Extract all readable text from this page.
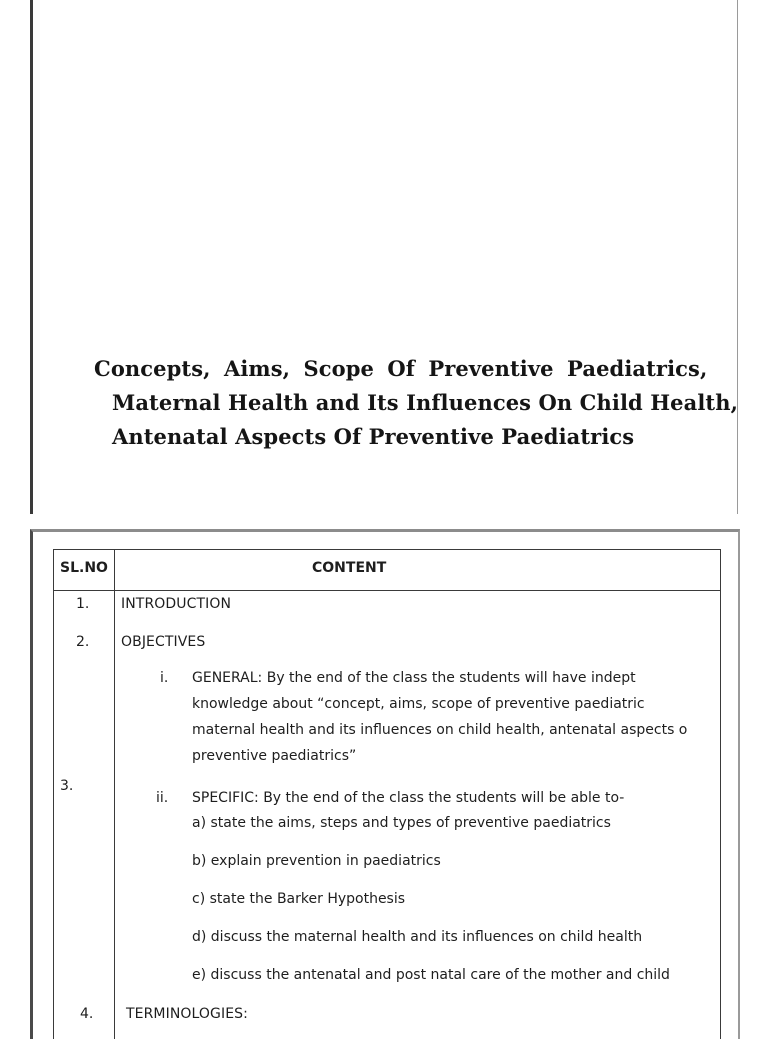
Concepts, Aims, Scope Of Preventive Paediatrics,
Maternal Health and Its Influences On Child Health,
Antenatal Aspects Of Preventive Paediatrics
SL.NO	CONTENT
1. INTRODUCTION
2. OBJECTIVES
i. GENERAL: By the end of the class the students will have indept
knowledge about “concept, aims, scope of preventive paediatric
maternal health and its influences on child health, antenatal aspects o
preventive paediatrics”
3.
ii. SPECIFIC: By the end of the class the students will be able to-
a) state the aims, steps and types of preventive paediatrics
b) explain prevention in paediatrics
c) state the Barker Hypothesis
d) discuss the maternal health and its influences on child health
e) discuss the antenatal and post natal care of the mother and child
4. TERMINOLOGIES:
